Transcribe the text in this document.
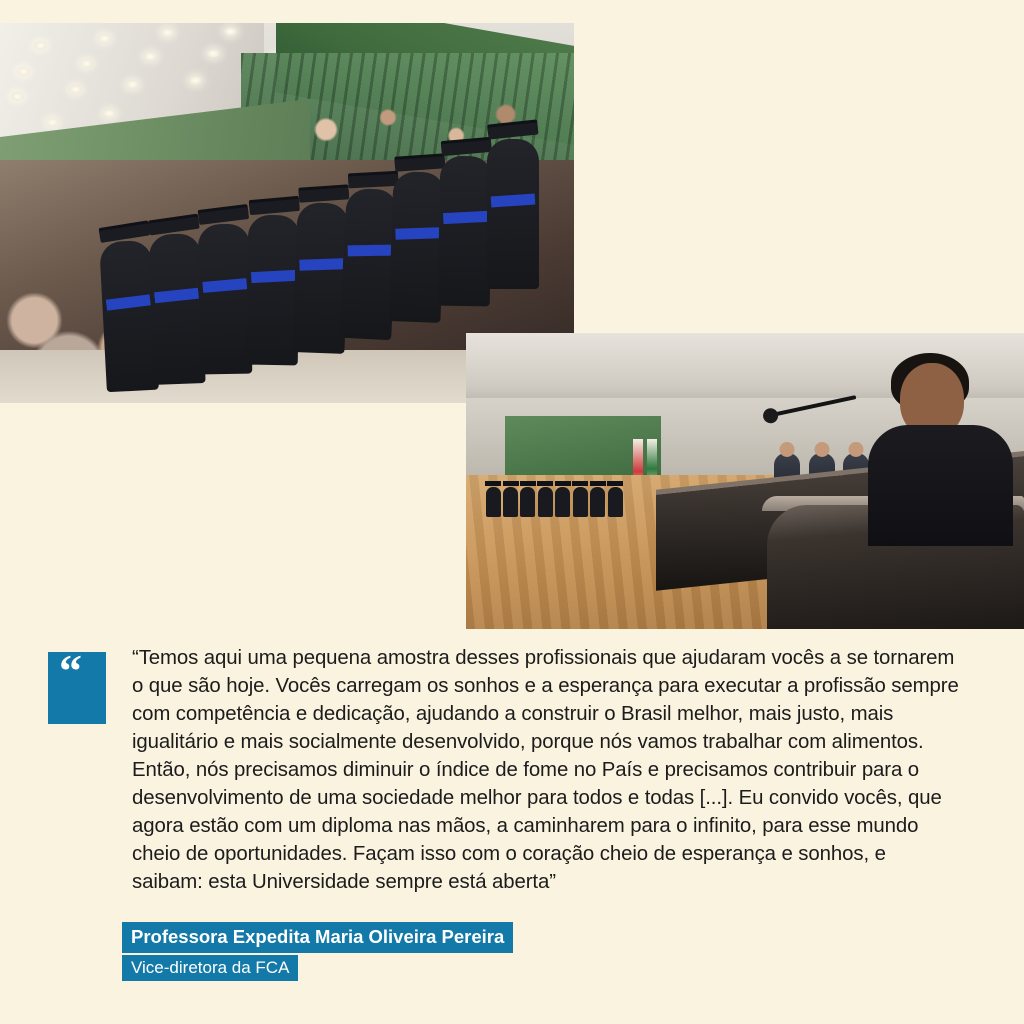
“ “Temos aqui uma pequena amostra desses profissionais que ajudaram vocês a se tornarem o que são hoje. Vocês carregam os sonhos e a esperança para executar a profissão sempre com competência e dedicação, ajudando a construir o Brasil melhor, mais justo, mais igualitário e mais socialmente desenvolvido, porque nós vamos trabalhar com alimentos. Então, nós precisamos diminuir o índice de fome no País e precisamos contribuir para o desenvolvimento de uma sociedade melhor para todos e todas [...]. Eu convido vocês, que agora estão com um diploma nas mãos, a caminharem para o infinito, para esse mundo cheio de oportunidades. Façam isso com o coração cheio de esperança e sonhos, e saibam: esta Universidade sempre está aberta”
Professora Expedita Maria Oliveira Pereira
Vice-diretora da FCA
